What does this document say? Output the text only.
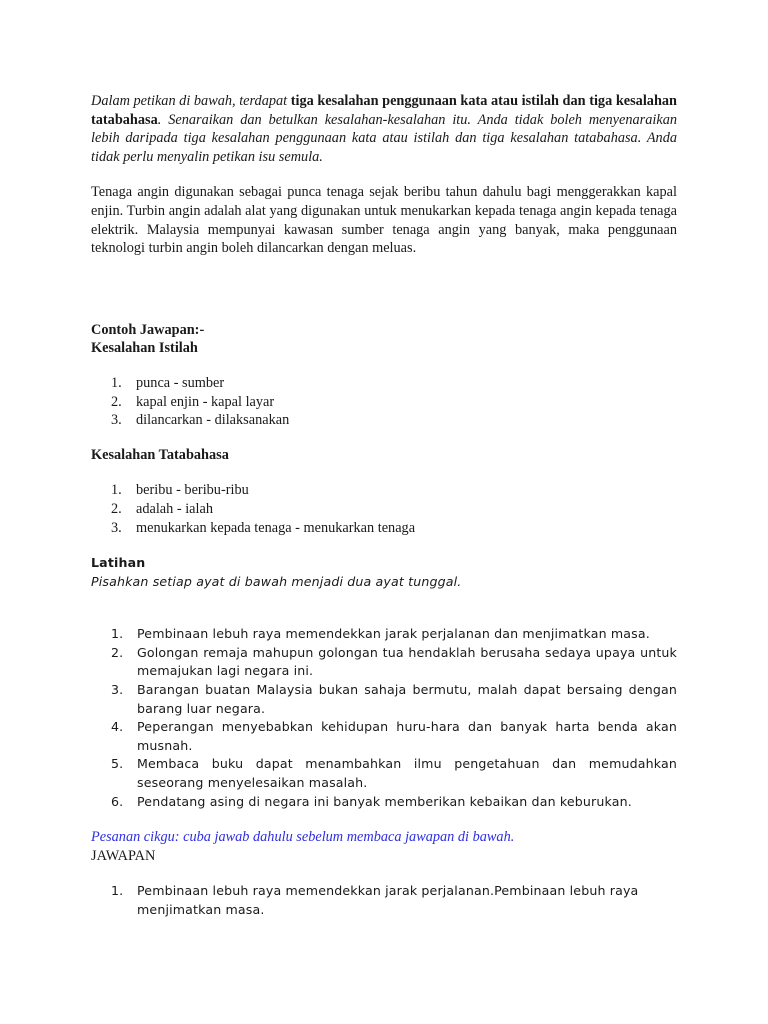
Dalam petikan di bawah, terdapat tiga kesalahan penggunaan kata atau istilah dan tiga kesalahan tatabahasa. Senaraikan dan betulkan kesalahan-kesalahan itu. Anda tidak boleh menyenaraikan lebih daripada tiga kesalahan penggunaan kata atau istilah dan tiga kesalahan tatabahasa. Anda tidak perlu menyalin petikan isu semula.

Tenaga angin digunakan sebagai punca tenaga sejak beribu tahun dahulu bagi menggerakkan kapal enjin. Turbin angin adalah alat yang digunakan untuk menukarkan kepada tenaga angin kepada tenaga elektrik. Malaysia mempunyai kawasan sumber tenaga angin yang banyak, maka penggunaan teknologi turbin angin boleh dilancarkan dengan meluas.

Contoh Jawapan:-

Kesalahan Istilah

1. punca - sumber
2. kapal enjin - kapal layar
3. dilancarkan - dilaksanakan

Kesalahan Tatabahasa

1. beribu - beribu-ribu
2. adalah - ialah
3. menukarkan kepada tenaga - menukarkan tenaga

Latihan

Pisahkan setiap ayat di bawah menjadi dua ayat tunggal.

1. Pembinaan lebuh raya memendekkan jarak perjalanan dan menjimatkan masa.
2. Golongan remaja mahupun golongan tua hendaklah berusaha sedaya upaya untuk memajukan lagi negara ini.
3. Barangan buatan Malaysia bukan sahaja bermutu, malah dapat bersaing dengan barang luar negara.
4. Peperangan menyebabkan kehidupan huru-hara dan banyak harta benda akan musnah.
5. Membaca buku dapat menambahkan ilmu pengetahuan dan memudahkan seseorang menyelesaikan masalah.
6. Pendatang asing di negara ini banyak memberikan kebaikan dan keburukan.

Pesanan cikgu: cuba jawab dahulu sebelum membaca jawapan di bawah.

JAWAPAN

1. Pembinaan lebuh raya memendekkan jarak perjalanan.Pembinaan lebuh raya menjimatkan masa.
